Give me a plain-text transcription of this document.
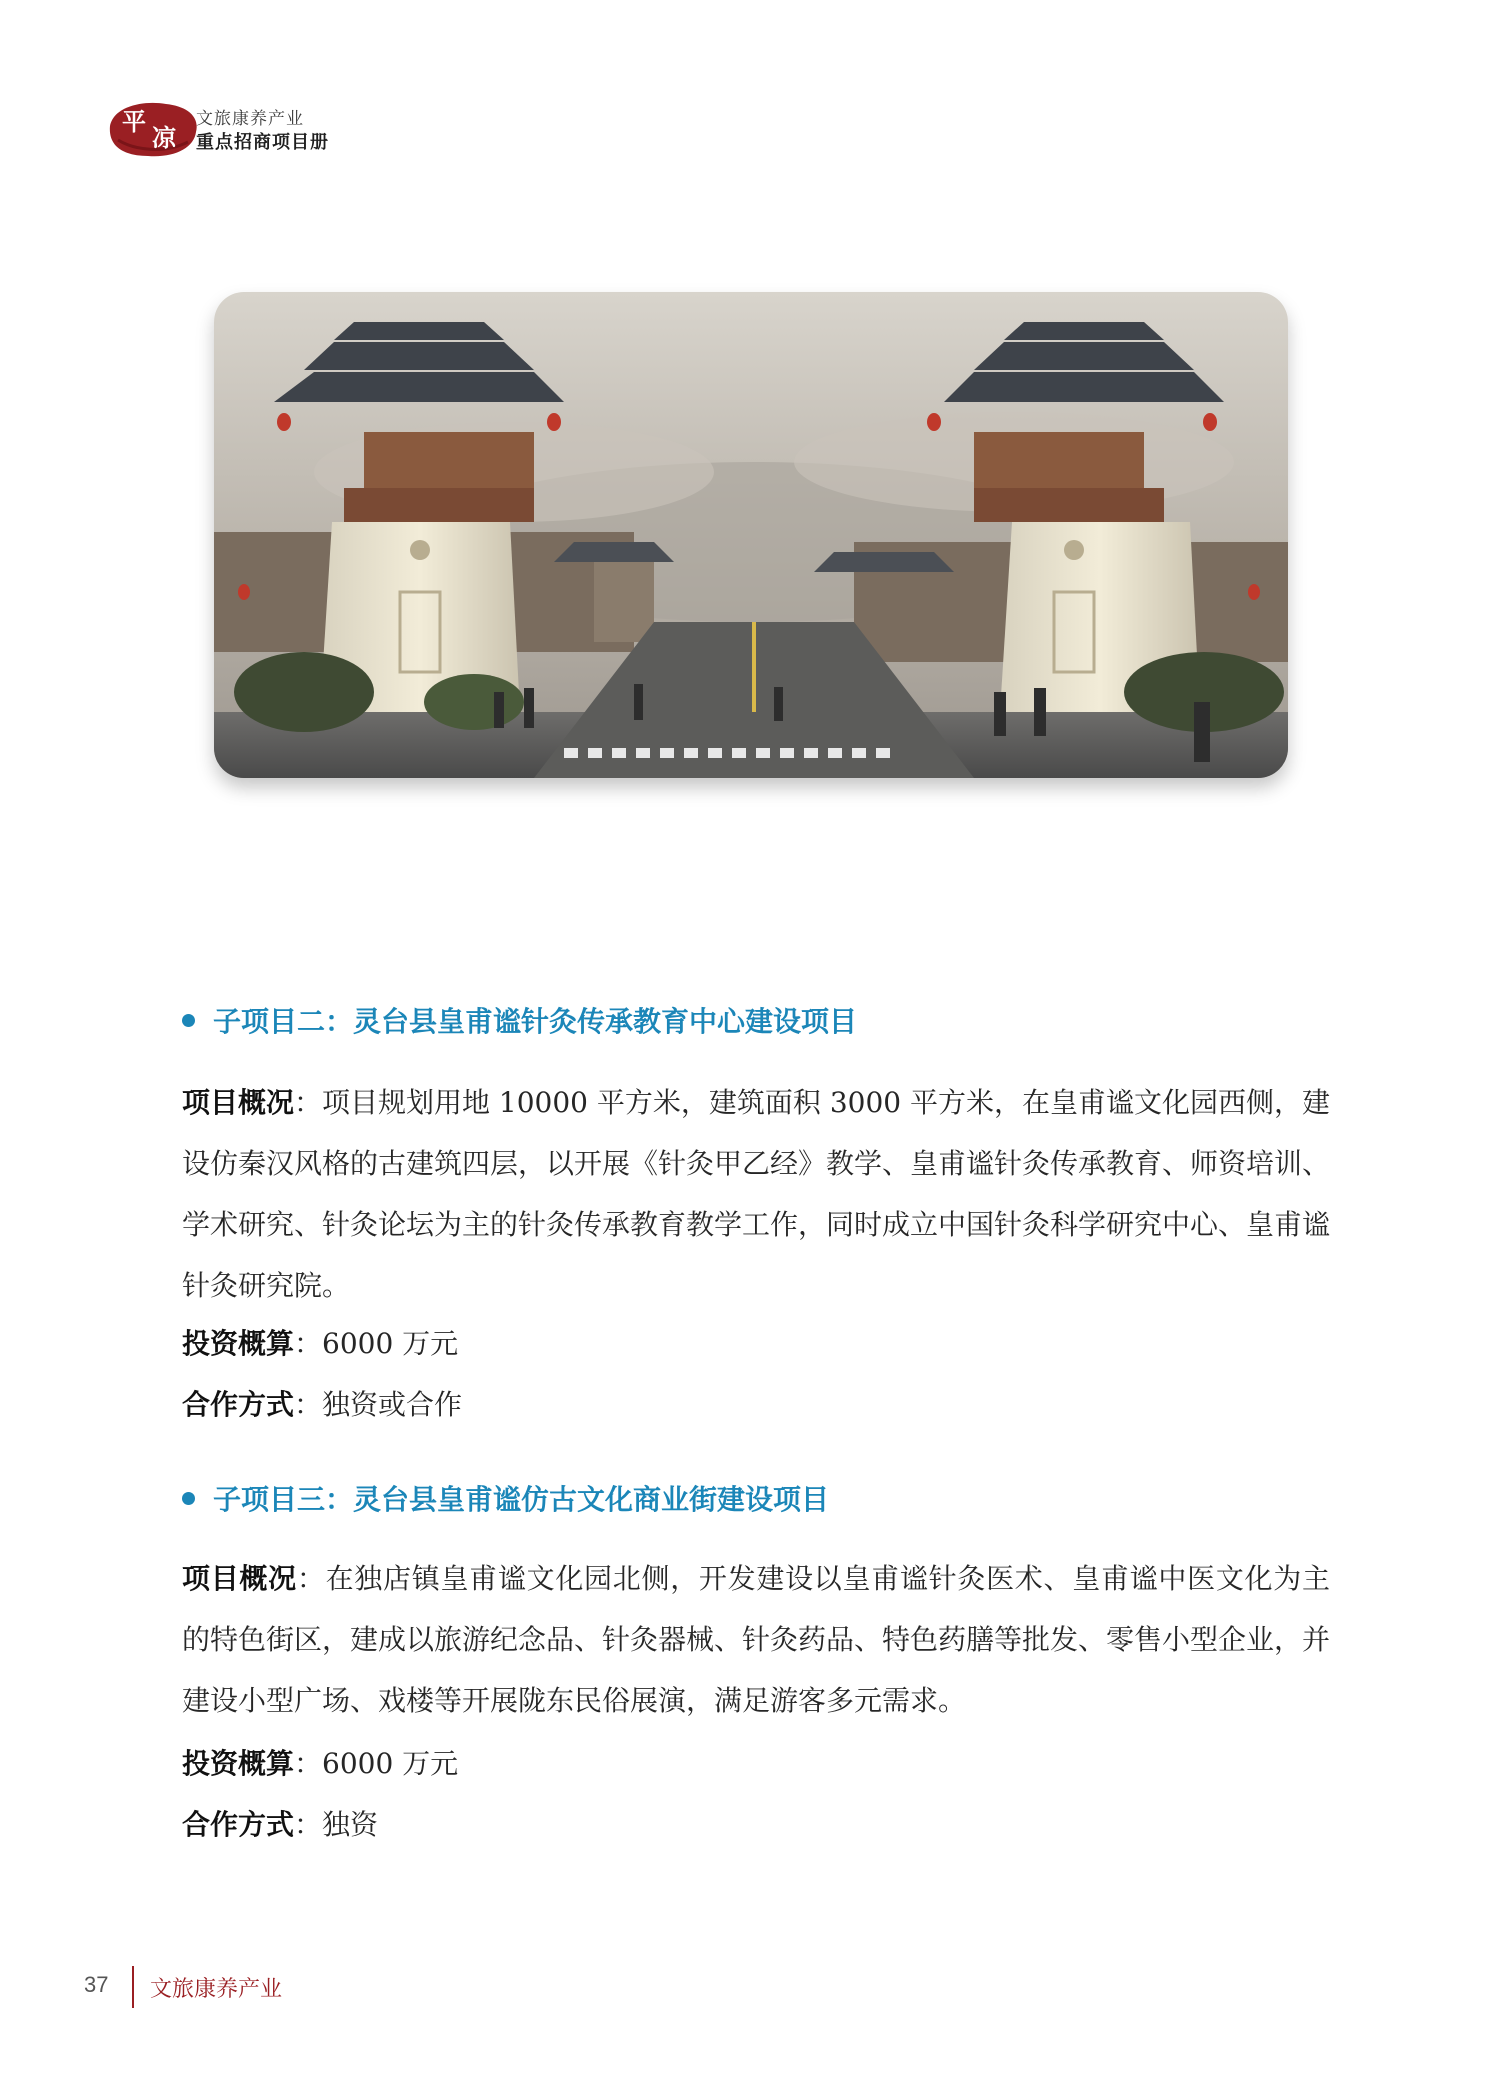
平
凉
文旅康养产业
重点招商项目册
子项目二：灵台县皇甫谧针灸传承教育中心建设项目
项目概况：项目规划用地 10000 平方米，建筑面积 3000 平方米，在皇甫谧文化园西侧，建设仿秦汉风格的古建筑四层，以开展《针灸甲乙经》教学、皇甫谧针灸传承教育、师资培训、学术研究、针灸论坛为主的针灸传承教育教学工作，同时成立中国针灸科学研究中心、皇甫谧针灸研究院。
投资概算：6000 万元
合作方式：独资或合作
子项目三：灵台县皇甫谧仿古文化商业街建设项目
项目概况：在独店镇皇甫谧文化园北侧，开发建设以皇甫谧针灸医术、皇甫谧中医文化为主的特色街区，建成以旅游纪念品、针灸器械、针灸药品、特色药膳等批发、零售小型企业，并建设小型广场、戏楼等开展陇东民俗展演，满足游客多元需求。
投资概算：6000 万元
合作方式：独资
37 文旅康养产业
